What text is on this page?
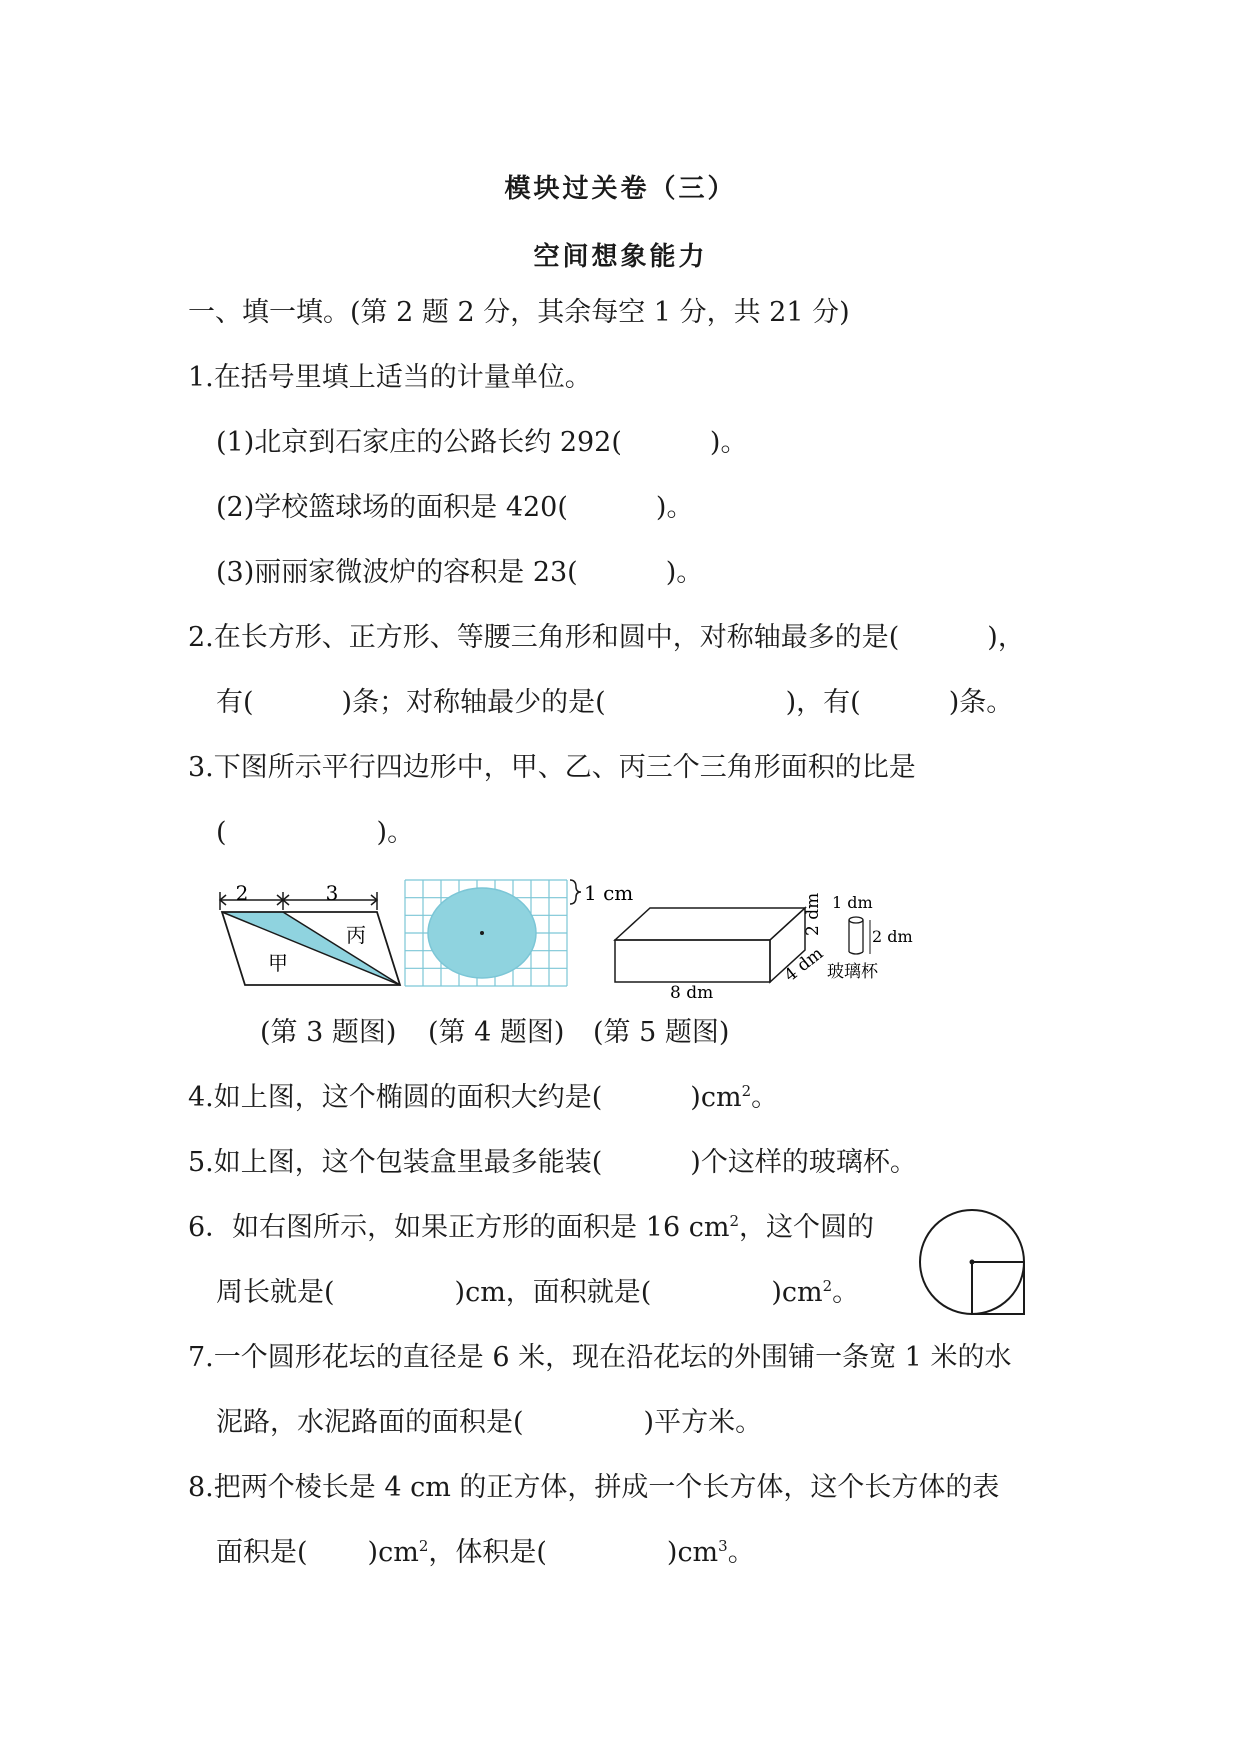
模块过关卷（三）
空间想象能力
一、填一填。(第 2 题 2 分，其余每空 1 分，共 21 分)
1.在括号里填上适当的计量单位。
(1)北京到石家庄的公路长约 292(	)。
(2)学校篮球场的面积是 420(	)。
(3)丽丽家微波炉的容积是 23(	)。
2.在长方形、正方形、等腰三角形和圆中，对称轴最多的是(	)，
有(	)条；对称轴最少的是(	)，有(	)条。
3.下图所示平行四边形中，甲、乙、丙三个三角形面积的比是
(	)。
2	3
甲
丙
1 cm
8 dm
4 dm
2 dm 1 dm
2 dm
玻璃杯
(第 3 题图) (第 4 题图) (第 5 题图)
4.如上图，这个椭圆的面积大约是(	)$cm^2$。
5.如上图，这个包装盒里最多能装(	)个这样的玻璃杯。
6．如右图所示，如果正方形的面积是 16 $cm^2$，这个圆的
周长就是(	)cm，面积就是(	)$cm^2$。
7.一个圆形花坛的直径是 6 米，现在沿花坛的外围铺一条宽 1 米的水
泥路，水泥路面的面积是(	)平方米。
8.把两个棱长是 4 cm 的正方体，拼成一个长方体，这个长方体的表
面积是( )$cm^2$，体积是(	)$cm^3$。
